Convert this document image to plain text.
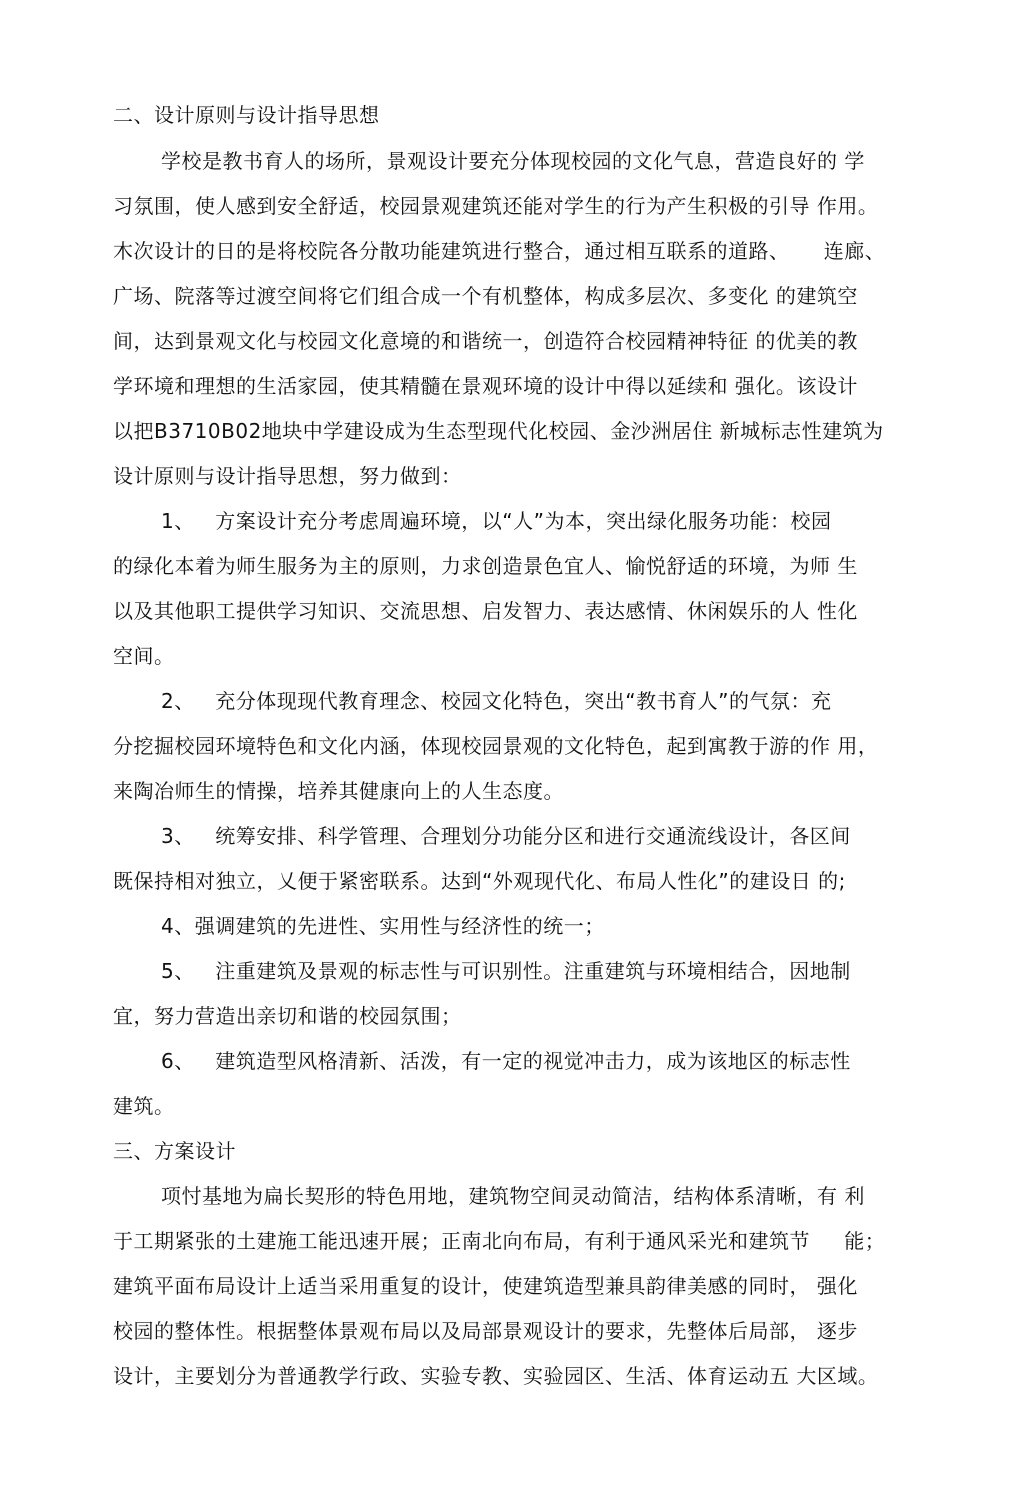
二、设计原则与设计指导思想
学校是教书育人的场所，景观设计要充分体现校园的文化气息，营造良好的 学
习氛围，使人感到安全舒适，校园景观建筑还能对学生的行为产生积极的引导 作用。
木次设计的日的是将校院各分散功能建筑进行整合，通过相互联系的道路、     连廊、
广场、院落等过渡空间将它们组合成一个有机整体，构成多层次、多变化 的建筑空
间，达到景观文化与校园文化意境的和谐统一，创造符合校园精神特征 的优美的教
学环境和理想的生活家园，使其精髓在景观环境的设计中得以延续和 强化。该设计
以把B3710B02地块中学建设成为生态型现代化校园、金沙洲居住 新城标志性建筑为
设计原则与设计指导思想，努力做到：
1、   方案设计充分考虑周遍环境，以“人”为本，突出绿化服务功能：校园
的绿化本着为师生服务为主的原则，力求创造景色宜人、愉悦舒适的环境，为师 生
以及其他职工提供学习知识、交流思想、启发智力、表达感情、休闲娱乐的人 性化
空间。
2、   充分体现现代教育理念、校园文化特色，突出“教书育人”的气氛：充
分挖掘校园环境特色和文化内涵，体现校园景观的文化特色，起到寓教于游的作 用，
来陶冶师生的情操，培养其健康向上的人生态度。
3、   统筹安排、科学管理、合理划分功能分区和进行交通流线设计，各区间
既保持相对独立，乂便于紧密联系。达到“外观现代化、布局人性化”的建设日 的;
4、强调建筑的先进性、实用性与经济性的统一；
5、   注重建筑及景观的标志性与可识别性。注重建筑与环境相结合，因地制
宜，努力营造出亲切和谐的校园氛围；
6、   建筑造型风格清新、活泼，有一定的视觉冲击力，成为该地区的标志性
建筑。
三、方案设计
项忖基地为扁长契形的特色用地，建筑物空间灵动简洁，结构体系清晰，有 利
于工期紧张的土建施工能迅速开展；正南北向布局，有利于通风采光和建筑节     能；
建筑平面布局设计上适当采用重复的设计，使建筑造型兼具韵律美感的同时， 强化
校园的整体性。根据整体景观布局以及局部景观设计的要求，先整体后局部， 逐步
设计，主要划分为普通教学行政、实验专教、实验园区、生活、体育运动五 大区域。
